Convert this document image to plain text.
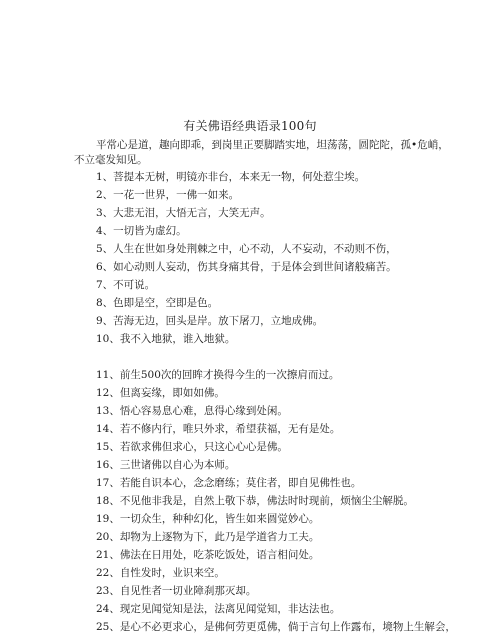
有关佛语经典语录100句
平常心是道，趣向即乖，到岗里正要脚踏实地，坦荡荡，圆陀陀，孤•危峭，
不立毫发知见。
1、菩提本无树，明镜亦非台，本来无一物，何处惹尘埃。
2、一花一世界，一佛一如来。
3、大悲无泪，大悟无言，大笑无声。
4、一切皆为虚幻。
5、人生在世如身处荆棘之中，心不动，人不妄动，不动则不伤，
6、如心动则人妄动，伤其身痛其骨，于是体会到世间诸般痛苦。
7、不可说。
8、色即是空，空即是色。
9、苦海无边，回头是岸。放下屠刀，立地成佛。
10、我不入地狱，谁入地狱。
11、前生500次的回眸才换得今生的一次擦肩而过。
12、但离妄缘，即如如佛。
13、悟心容易息心难，息得心缘到处闲。
14、若不修内行，唯只外求，希望获福，无有是处。
15、若欲求佛但求心，只这心心心是佛。
16、三世诸佛以自心为本师。
17、若能自识本心，念念磨练；莫住者，即自见佛性也。
18、不见他非我是，自然上敬下恭，佛法时时现前，烦恼尘尘解脱。
19、一切众生，种种幻化，皆生如来圆觉妙心。
20、却物为上逐物为下，此乃是学道省力工夫。
21、佛法在日用处，吃茶吃饭处，语言相问处。
22、自性发时，业识来空。
23、自见性者一切业障刹那灭却。
24、现定见闻觉知是法，法离见闻觉知，非达法也。
25、是心不必更求心，是佛何劳更觅佛，倘于言句上作露布，境物上生解会，
